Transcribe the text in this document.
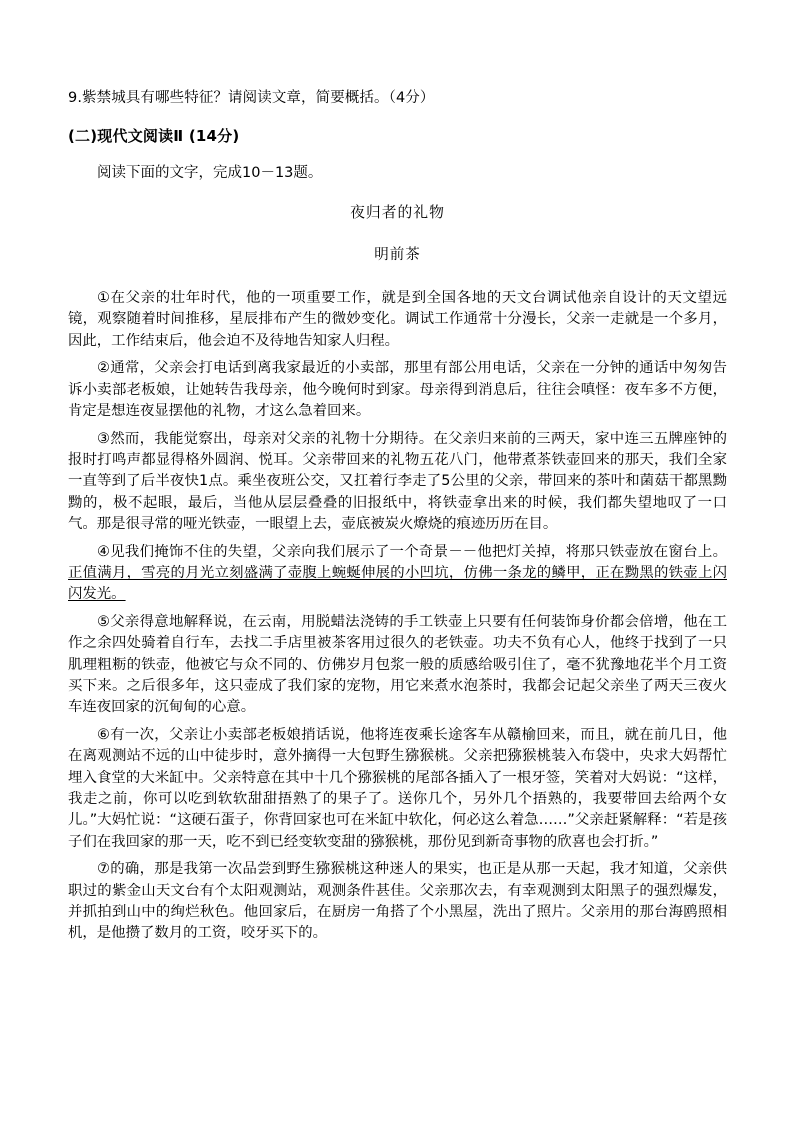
9.紫禁城具有哪些特征？请阅读文章，简要概括。（4分）

(二)现代文阅读Ⅱ (14分)

阅读下面的文字，完成10－13题。

夜归者的礼物

明前茶

①在父亲的壮年时代，他的一项重要工作，就是到全国各地的天文台调试他亲自设计的天文望远镜，观察随着时间推移，星辰排布产生的微妙变化。调试工作通常十分漫长，父亲一走就是一个多月，因此，工作结束后，他会迫不及待地告知家人归程。

②通常，父亲会打电话到离我家最近的小卖部，那里有部公用电话，父亲在一分钟的通话中匆匆告诉小卖部老板娘，让她转告我母亲，他今晚何时到家。母亲得到消息后，往往会嗔怪：夜车多不方便，肯定是想连夜显摆他的礼物，才这么急着回来。

③然而，我能觉察出，母亲对父亲的礼物十分期待。在父亲归来前的三两天，家中连三五牌座钟的报时打鸣声都显得格外圆润、悦耳。父亲带回来的礼物五花八门，他带煮茶铁壶回来的那天，我们全家一直等到了后半夜快1点。乘坐夜班公交，又扛着行李走了5公里的父亲，带回来的茶叶和菌菇干都黑黝黝的，极不起眼，最后，当他从层层叠叠的旧报纸中，将铁壶拿出来的时候，我们都失望地叹了一口气。那是很寻常的哑光铁壶，一眼望上去，壶底被炭火燎烧的痕迹历历在目。

④见我们掩饰不住的失望，父亲向我们展示了一个奇景－－他把灯关掉，将那只铁壶放在窗台上。正值满月，雪亮的月光立刻盛满了壶腹上蜿蜒伸展的小凹坑，仿佛一条龙的鳞甲，正在黝黑的铁壶上闪闪发光。

⑤父亲得意地解释说，在云南，用脱蜡法浇铸的手工铁壶上只要有任何装饰身价都会倍增，他在工作之余四处骑着自行车，去找二手店里被茶客用过很久的老铁壶。功夫不负有心人，他终于找到了一只肌理粗粝的铁壶，他被它与众不同的、仿佛岁月包浆一般的质感给吸引住了，毫不犹豫地花半个月工资买下来。之后很多年，这只壶成了我们家的宠物，用它来煮水泡茶时，我都会记起父亲坐了两天三夜火车连夜回家的沉甸甸的心意。

⑥有一次，父亲让小卖部老板娘捎话说，他将连夜乘长途客车从赣榆回来，而且，就在前几日，他在离观测站不远的山中徒步时，意外摘得一大包野生猕猴桃。父亲把猕猴桃装入布袋中，央求大妈帮忙埋入食堂的大米缸中。父亲特意在其中十几个猕猴桃的尾部各插入了一根牙签，笑着对大妈说：“这样，我走之前，你可以吃到软软甜甜捂熟了的果子了。送你几个，另外几个捂熟的，我要带回去给两个女儿。”大妈忙说：“这硬石蛋子，你背回家也可在米缸中软化，何必这么着急……”父亲赶紧解释：“若是孩子们在我回家的那一天，吃不到已经变软变甜的猕猴桃，那份见到新奇事物的欣喜也会打折。”

⑦的确，那是我第一次品尝到野生猕猴桃这种迷人的果实，也正是从那一天起，我才知道，父亲供职过的紫金山天文台有个太阳观测站，观测条件甚佳。父亲那次去，有幸观测到太阳黑子的强烈爆发，并抓拍到山中的绚烂秋色。他回家后，在厨房一角搭了个小黑屋，洗出了照片。父亲用的那台海鸥照相机，是他攒了数月的工资，咬牙买下的。
